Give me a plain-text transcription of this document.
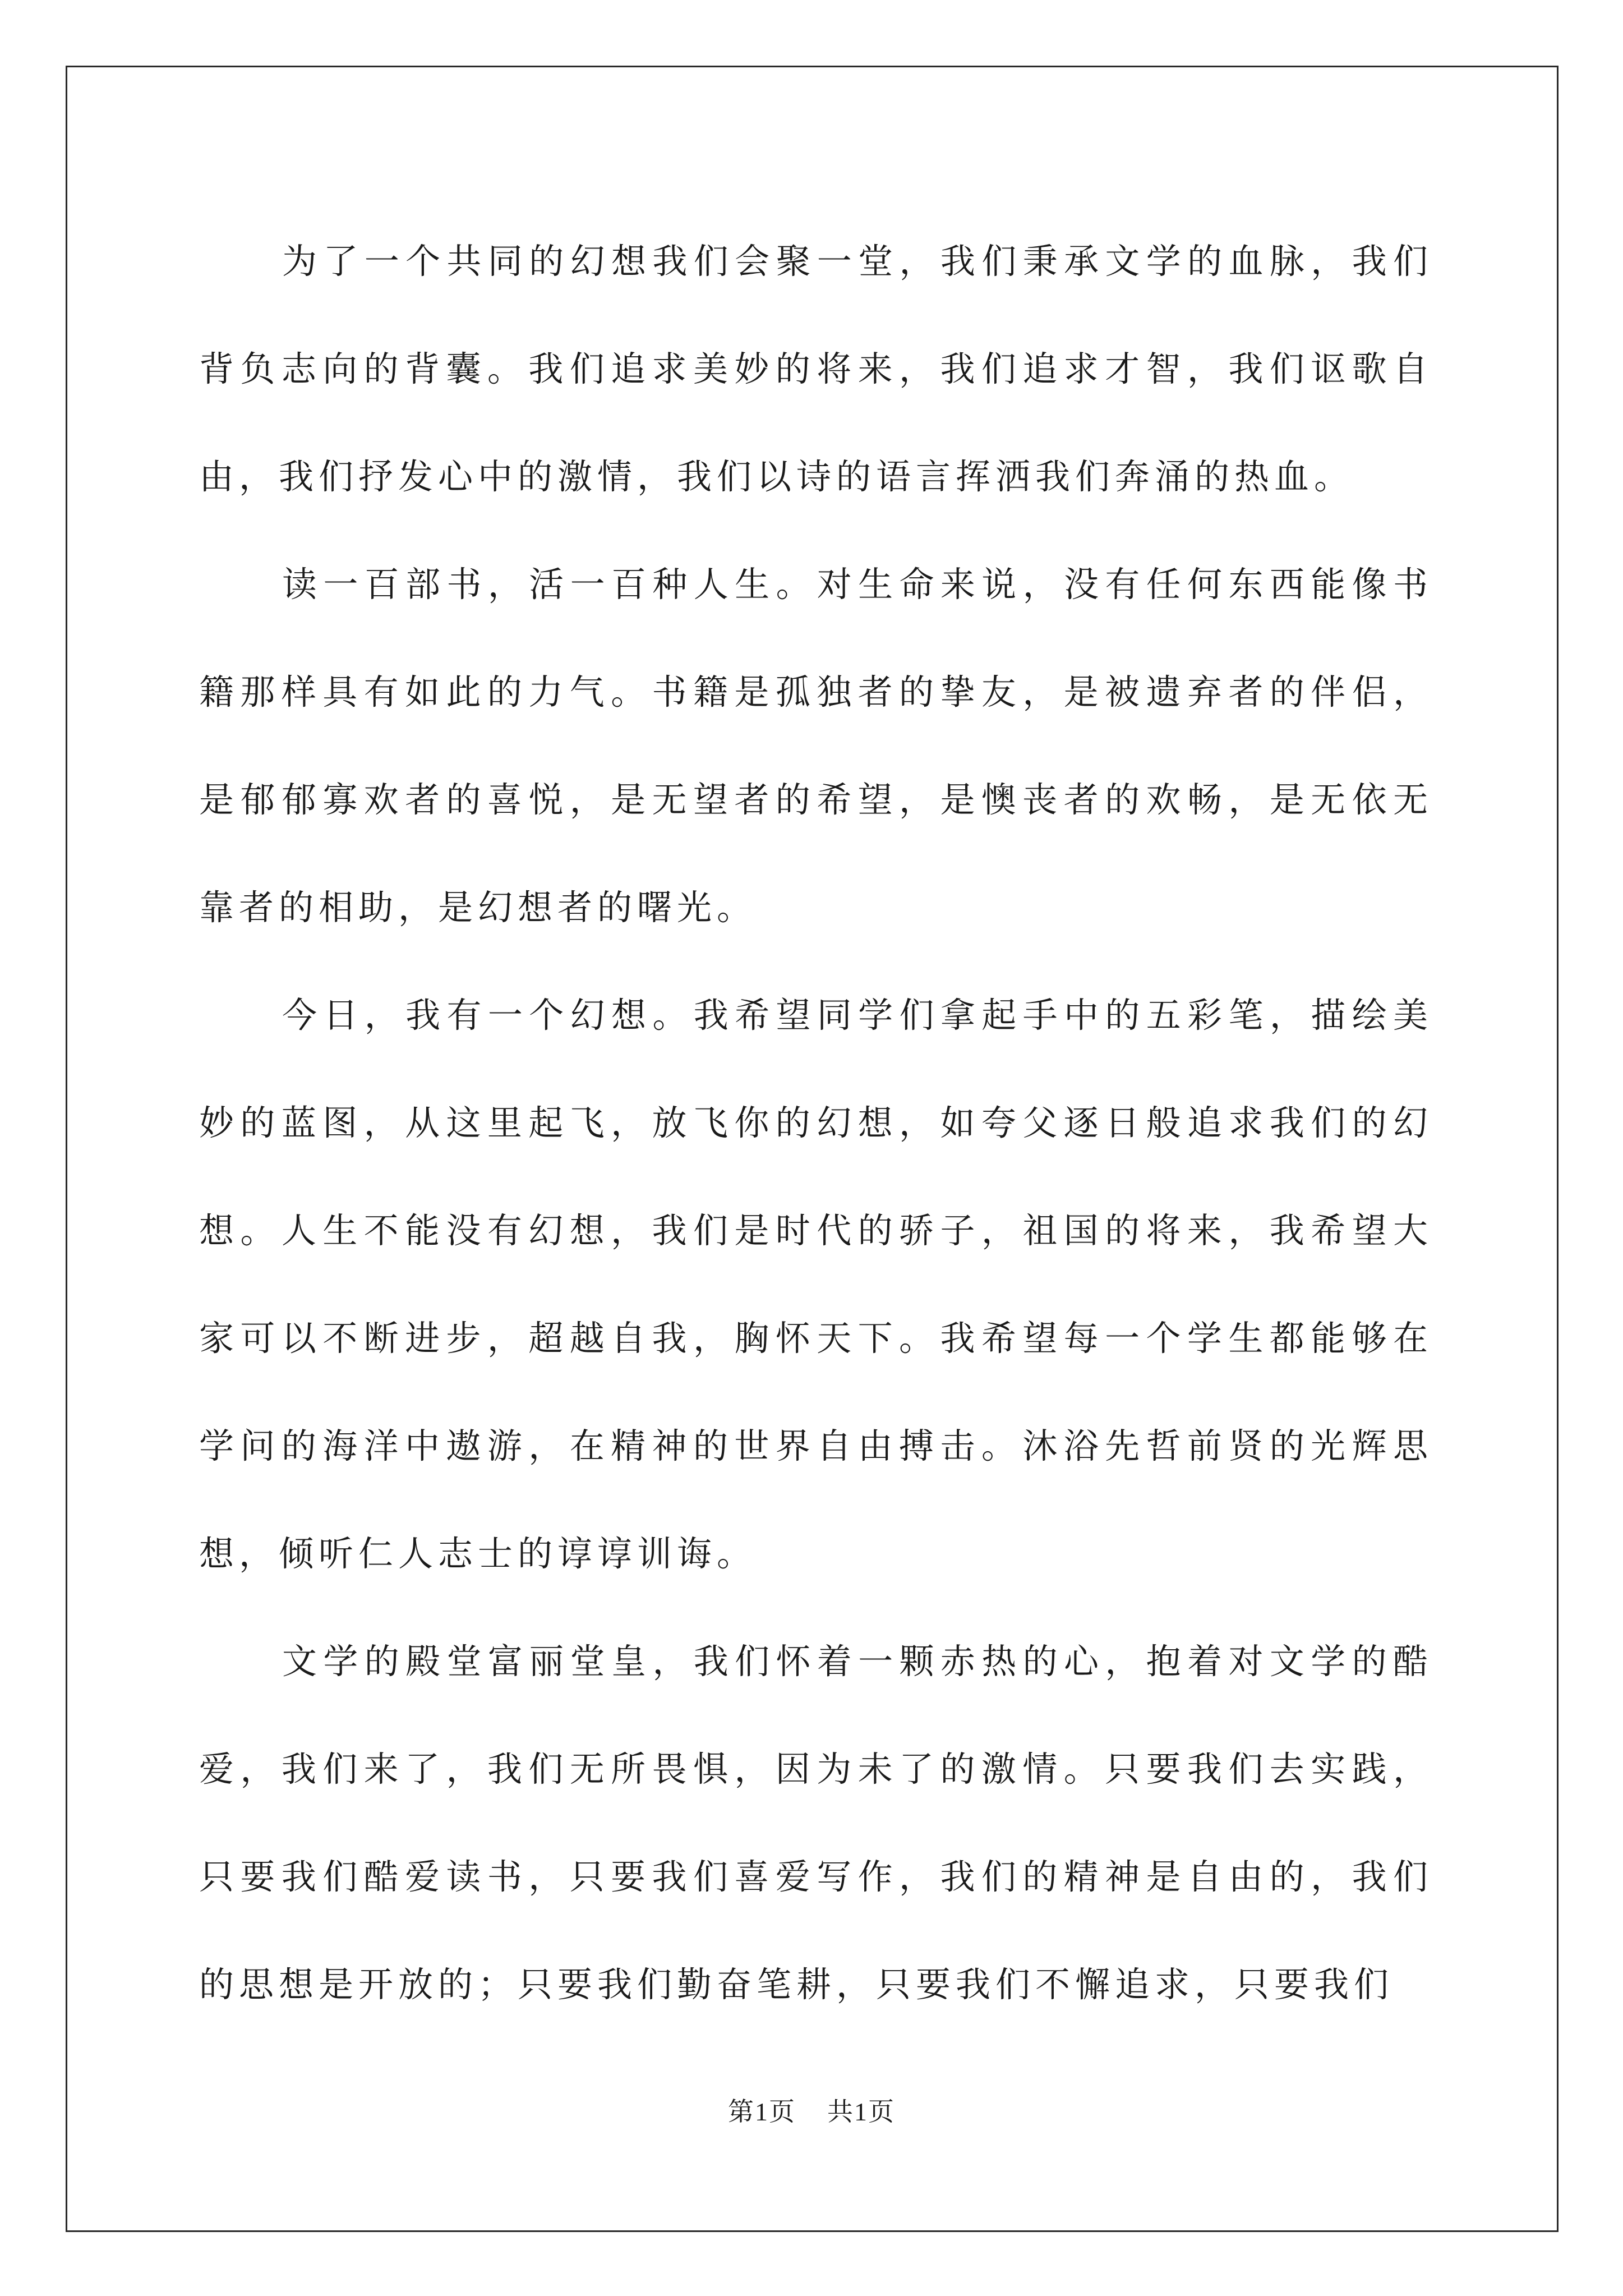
为了一个共同的幻想我们会聚一堂，我们秉承文学的血脉，我们背负志向的背囊。我们追求美妙的将来，我们追求才智，我们讴歌自由，我们抒发心中的激情，我们以诗的语言挥洒我们奔涌的热血。

读一百部书，活一百种人生。对生命来说，没有任何东西能像书籍那样具有如此的力气。书籍是孤独者的挚友，是被遗弃者的伴侣，是郁郁寡欢者的喜悦，是无望者的希望，是懊丧者的欢畅，是无依无靠者的相助，是幻想者的曙光。

今日，我有一个幻想。我希望同学们拿起手中的五彩笔，描绘美妙的蓝图，从这里起飞，放飞你的幻想，如夸父逐日般追求我们的幻想。人生不能没有幻想，我们是时代的骄子，祖国的将来，我希望大家可以不断进步，超越自我，胸怀天下。我希望每一个学生都能够在学问的海洋中遨游，在精神的世界自由搏击。沐浴先哲前贤的光辉思想，倾听仁人志士的谆谆训诲。

文学的殿堂富丽堂皇，我们怀着一颗赤热的心，抱着对文学的酷爱，我们来了，我们无所畏惧，因为未了的激情。只要我们去实践，只要我们酷爱读书，只要我们喜爱写作，我们的精神是自由的，我们的思想是开放的；只要我们勤奋笔耕，只要我们不懈追求，只要我们

第1页 共1页
